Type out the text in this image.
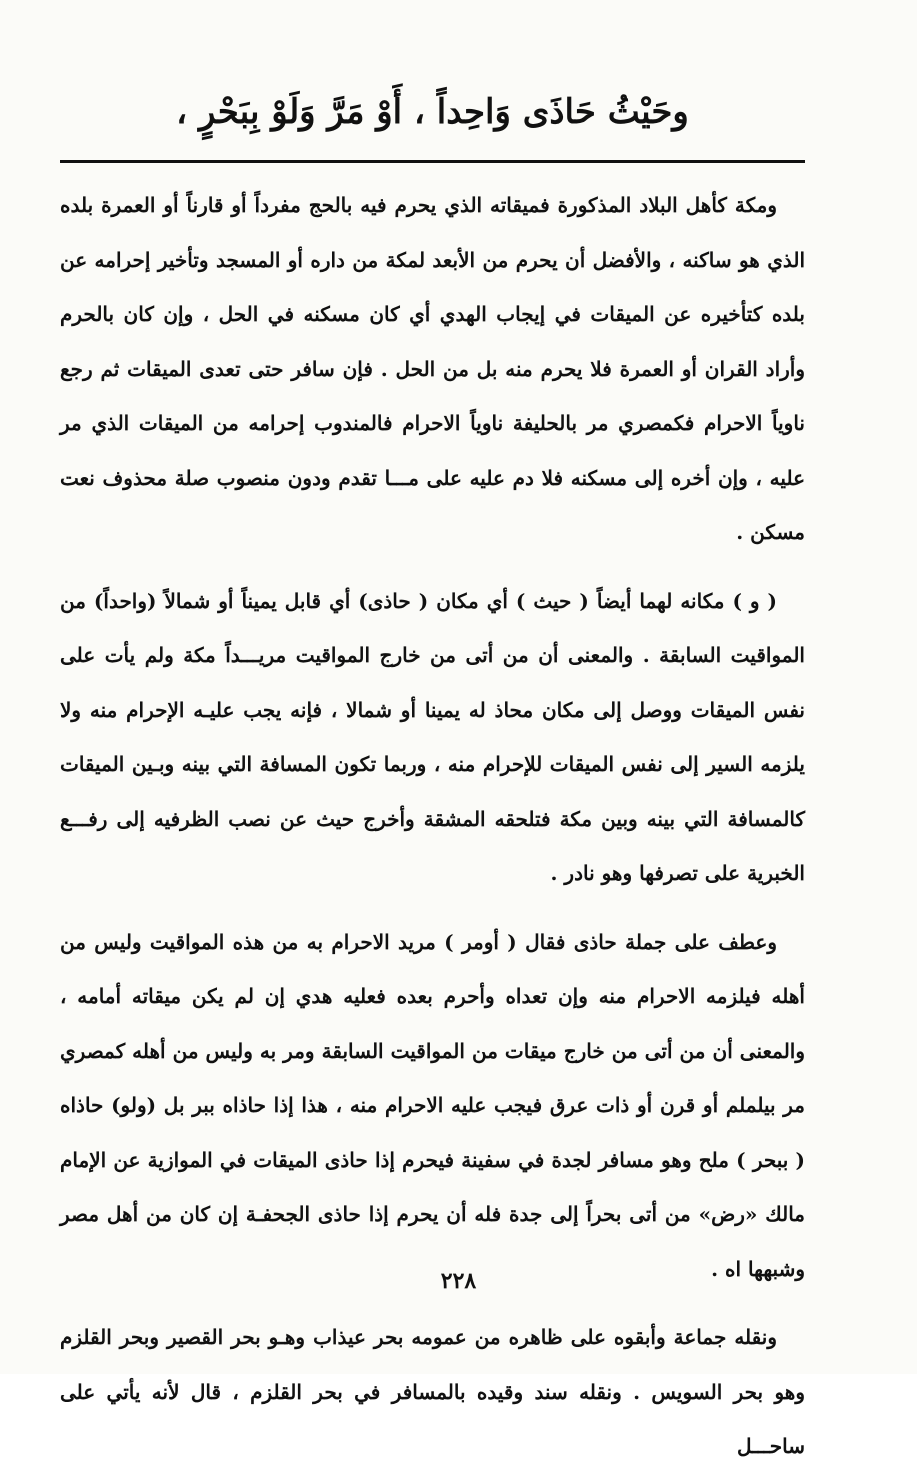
وحَيْثُ حَاذَى وَاحِداً ، أَوْ مَرَّ وَلَوْ بِبَحْرٍ ،

ومكة كأهل البلاد المذكورة فميقاته الذي يحرم فيه بالحج مفرداً أو قارناً أو العمرة بلده الذي هو ساكنه ، والأفضل أن يحرم من الأبعد لمكة من داره أو المسجد وتأخير إحرامه عن بلده كتأخيره عن الميقات في إيجاب الهدي أي كان مسكنه في الحل ، وإن كان بالحرم وأراد القران أو العمرة فلا يحرم منه بل من الحل . فإن سافر حتى تعدى الميقات ثم رجع ناوياً الاحرام فكمصري مر بالحليفة ناوياً الاحرام فالمندوب إحرامه من الميقات الذي مر عليه ، وإن أخره إلى مسكنه فلا دم عليه على مـــا تقدم ودون منصوب صلة محذوف نعت مسكن .

( و ) مكانه لهما أيضاً ( حيث ) أي مكان ( حاذى) أي قابل يميناً أو شمالاً (واحداً) من المواقيت السابقة . والمعنى أن من أتى من خارج المواقيت مريـــداً مكة ولم يأت على نفس الميقات ووصل إلى مكان محاذ له يمينا أو شمالا ، فإنه يجب عليـه الإحرام منه ولا يلزمه السير إلى نفس الميقات للإحرام منه ، وربما تكون المسافة التي بينه وبـين الميقات كالمسافة التي بينه وبين مكة فتلحقه المشقة وأخرج حيث عن نصب الظرفيه إلى رفـــع الخبرية على تصرفها وهو نادر .

وعطف على جملة حاذى فقال ( أومر ) مريد الاحرام به من هذه المواقيت وليس من أهله فيلزمه الاحرام منه وإن تعداه وأحرم بعده فعليه هدي إن لم يكن ميقاته أمامه ، والمعنى أن من أتى من خارج ميقات من المواقيت السابقة ومر به وليس من أهله كمصري مر بيلملم أو قرن أو ذات عرق فيجب عليه الاحرام منه ، هذا إذا حاذاه ببر بل (ولو) حاذاه ( ببحر ) ملح وهو مسافر لجدة في سفينة فيحرم إذا حاذى الميقات في الموازية عن الإمام مالك «رض» من أتى بحراً إلى جدة فله أن يحرم إذا حاذى الجحفـة إن كان من أهل مصر وشبهها اه .

ونقله جماعة وأبقوه على ظاهره من عمومه بحر عيذاب وهـو بحر القصير وبحر القلزم وهو بحر السويس . ونقله سند وقيده بالمسافر في بحر القلزم ، قال لأنه يأتي على ساحـــل

٢٢٨
